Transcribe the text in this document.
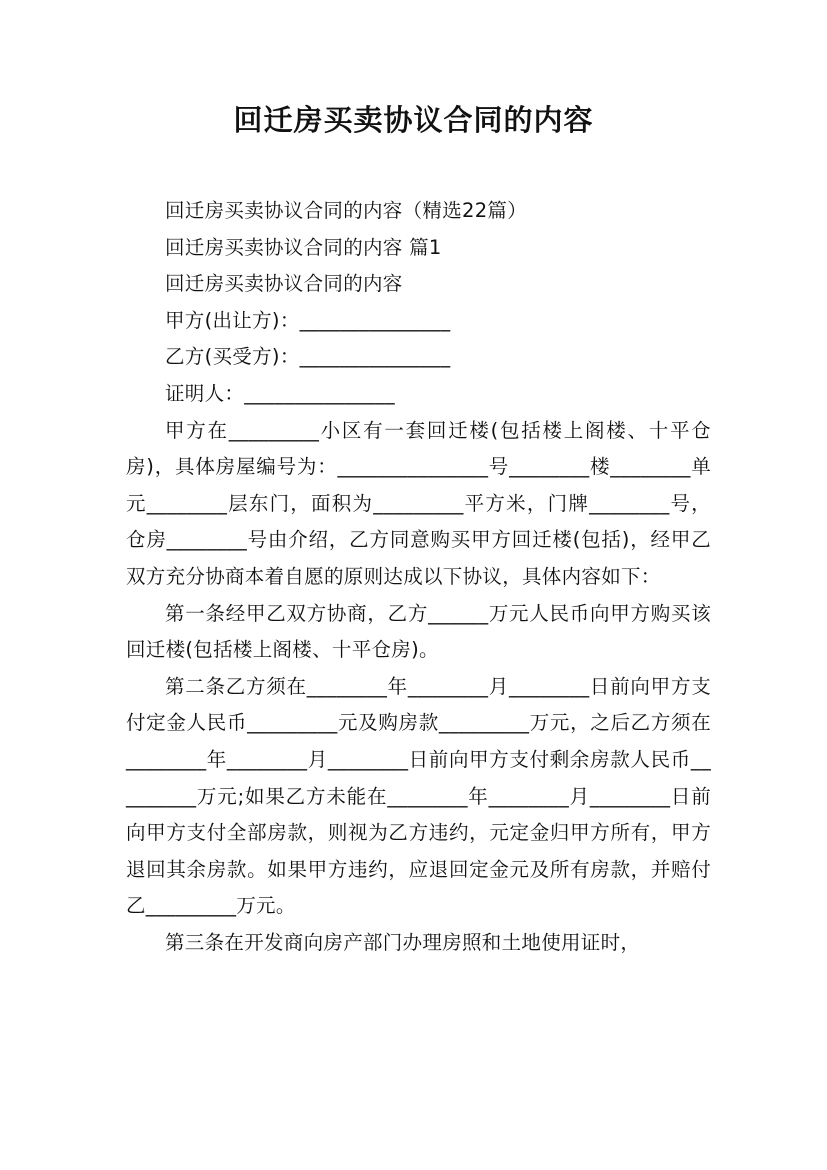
回迁房买卖协议合同的内容

回迁房买卖协议合同的内容（精选22篇）

回迁房买卖协议合同的内容 篇1

回迁房买卖协议合同的内容

甲方(出让方)：_______________

乙方(买受方)：_______________

证明人：_______________

甲方在_________小区有一套回迁楼(包括楼上阁楼、十平仓房)，具体房屋编号为：_______________号________楼________单元________层东门，面积为_________平方米，门牌________号，仓房________号由介绍，乙方同意购买甲方回迁楼(包括)，经甲乙双方充分协商本着自愿的原则达成以下协议，具体内容如下：

第一条经甲乙双方协商，乙方______万元人民币向甲方购买该回迁楼(包括楼上阁楼、十平仓房)。

第二条乙方须在________年________月________日前向甲方支付定金人民币_________元及购房款_________万元，之后乙方须在________年________月________日前向甲方支付剩余房款人民币_________万元;如果乙方未能在________年________月________日前向甲方支付全部房款，则视为乙方违约，元定金归甲方所有，甲方退回其余房款。如果甲方违约，应退回定金元及所有房款，并赔付乙_________万元。

第三条在开发商向房产部门办理房照和土地使用证时，
